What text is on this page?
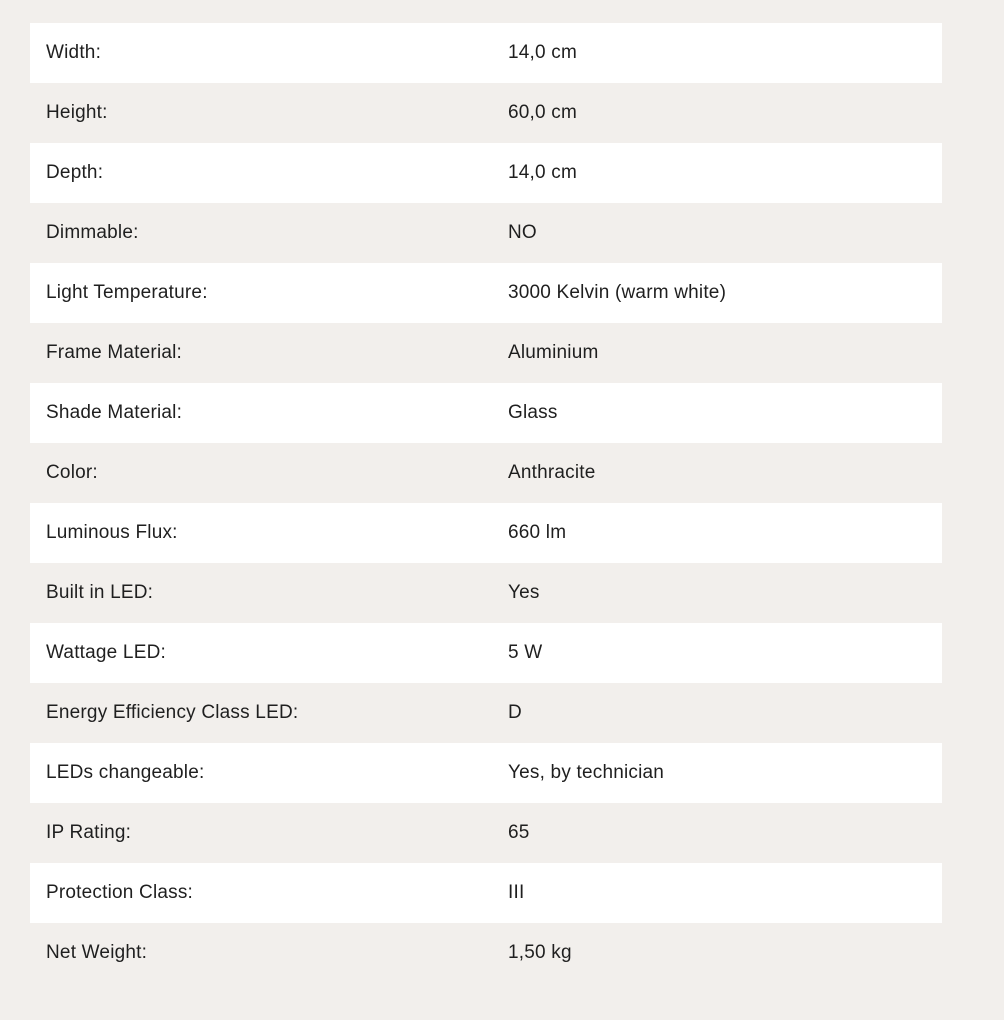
Width:	14,0 cm
Height:	60,0 cm
Depth:	14,0 cm
Dimmable:	NO
Light Temperature:	3000 Kelvin (warm white)
Frame Material:	Aluminium
Shade Material:	Glass
Color:	Anthracite
Luminous Flux:	660 lm
Built in LED:	Yes
Wattage LED:	5 W
Energy Efficiency Class LED:	D
LEDs changeable:	Yes, by technician
IP Rating:	65
Protection Class:	III
Net Weight:	1,50 kg
